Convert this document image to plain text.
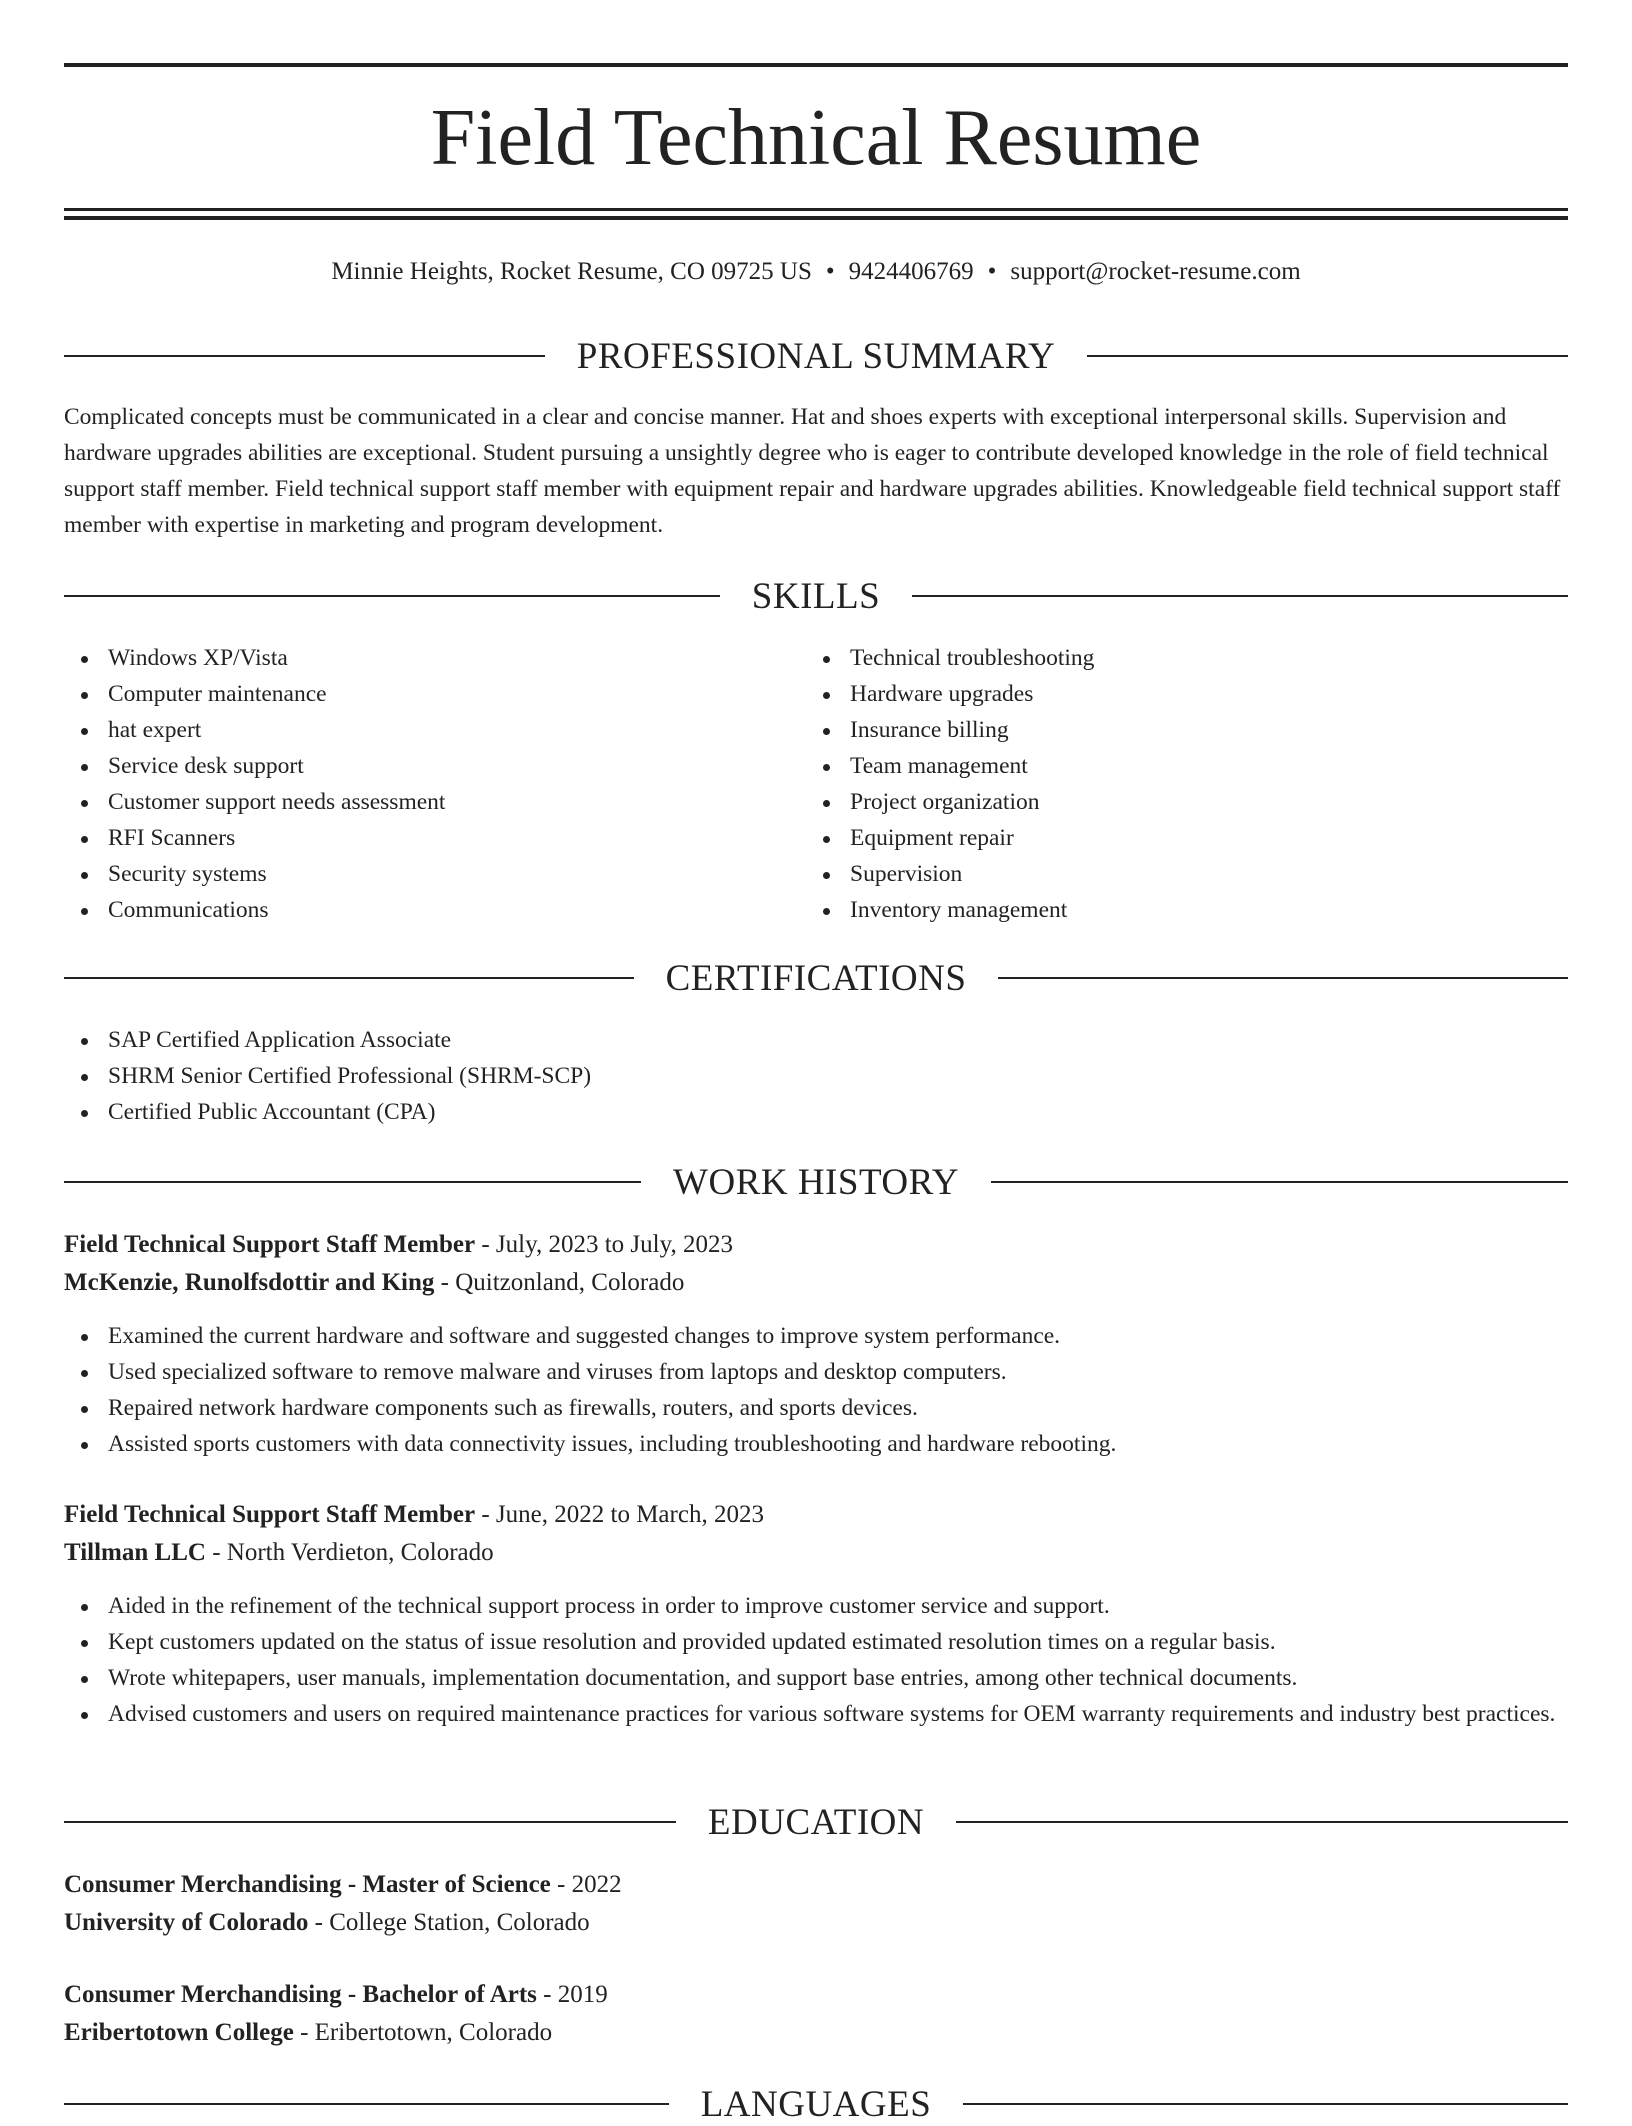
Field Technical Resume
Minnie Heights, Rocket Resume, CO 09725 US • 9424406769 • support@rocket-resume.com
PROFESSIONAL SUMMARY

Complicated concepts must be communicated in a clear and concise manner. Hat and shoes experts with exceptional interpersonal skills. Supervision and hardware upgrades abilities are exceptional. Student pursuing a unsightly degree who is eager to contribute developed knowledge in the role of field technical support staff member. Field technical support staff member with equipment repair and hardware upgrades abilities. Knowledgeable field technical support staff member with expertise in marketing and program development.

SKILLS
Windows XP/Vista
Computer maintenance
hat expert
Service desk support
Customer support needs assessment
RFI Scanners
Security systems
Communications
Technical troubleshooting
Hardware upgrades
Insurance billing
Team management
Project organization
Equipment repair
Supervision
Inventory management
CERTIFICATIONS
SAP Certified Application Associate
SHRM Senior Certified Professional (SHRM-SCP)
Certified Public Accountant (CPA)
WORK HISTORY
Field Technical Support Staff Member - July, 2023 to July, 2023
McKenzie, Runolfsdottir and King - Quitzonland, Colorado
Examined the current hardware and software and suggested changes to improve system performance.
Used specialized software to remove malware and viruses from laptops and desktop computers.
Repaired network hardware components such as firewalls, routers, and sports devices.
Assisted sports customers with data connectivity issues, including troubleshooting and hardware rebooting.
Field Technical Support Staff Member - June, 2022 to March, 2023
Tillman LLC - North Verdieton, Colorado
Aided in the refinement of the technical support process in order to improve customer service and support.
Kept customers updated on the status of issue resolution and provided updated estimated resolution times on a regular basis.
Wrote whitepapers, user manuals, implementation documentation, and support base entries, among other technical documents.
Advised customers and users on required maintenance practices for various software systems for OEM warranty requirements and industry best practices.
EDUCATION
Consumer Merchandising - Master of Science - 2022
University of Colorado - College Station, Colorado
Consumer Merchandising - Bachelor of Arts - 2019
Eribertotown College - Eribertotown, Colorado
LANGUAGES
